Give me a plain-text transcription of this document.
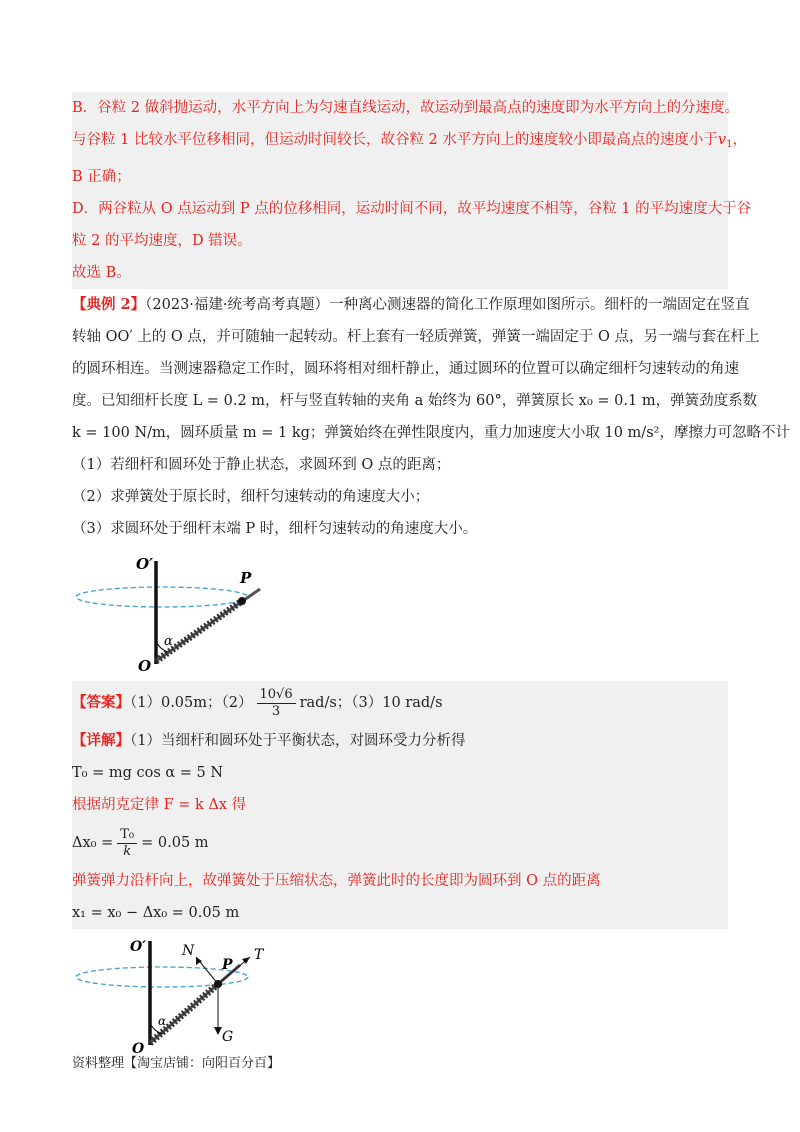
B．谷粒 2 做斜抛运动，水平方向上为匀速直线运动，故运动到最高点的速度即为水平方向上的分速度。
与谷粒 1 比较水平位移相同，但运动时间较长，故谷粒 2 水平方向上的速度较小即最高点的速度小于$v_1$，
B 正确；
D．两谷粒从 O 点运动到 P 点的位移相同，运动时间不同，故平均速度不相等，谷粒 1 的平均速度大于谷
粒 2 的平均速度，D 错误。
故选 B。
【典例 2】（2023·福建·统考高考真题）一种离心测速器的简化工作原理如图所示。细杆的一端固定在竖直
转轴 OO′ 上的 O 点，并可随轴一起转动。杆上套有一轻质弹簧，弹簧一端固定于 O 点，另一端与套在杆上
的圆环相连。当测速器稳定工作时，圆环将相对细杆静止，通过圆环的位置可以确定细杆匀速转动的角速
度。已知细杆长度 L = 0.2 m，杆与竖直转轴的夹角 a 始终为 60°，弹簧原长 x₀ = 0.1 m，弹簧劲度系数
k = 100 N/m，圆环质量 m = 1 kg；弹簧始终在弹性限度内，重力加速度大小取 10 m/s²，摩擦力可忽略不计
（1）若细杆和圆环处于静止状态，求圆环到 O 点的距离；
（2）求弹簧处于原长时，细杆匀速转动的角速度大小；
（3）求圆环处于细杆末端 P 时，细杆匀速转动的角速度大小。
O′
P
α
O
【答案】（1）0.05m；$(2) \frac{10√6}{3} rad/s$；（3）10 rad/s
【详解】（1）当细杆和圆环处于平衡状态，对圆环受力分析得
T₀ = mg cos α = 5 N
根据胡克定律 F = k Δx 得
$\Delta x_0 = \frac{\text{T₀}}{k} = 0.05$ m
弹簧弹力沿杆向上，故弹簧处于压缩状态，弹簧此时的长度即为圆环到 O 点的距离
x₁ = x₀ − Δx₀ = 0.05 m
O′	N
P
T
α
G
O
资料整理【淘宝店铺：向阳百分百】
